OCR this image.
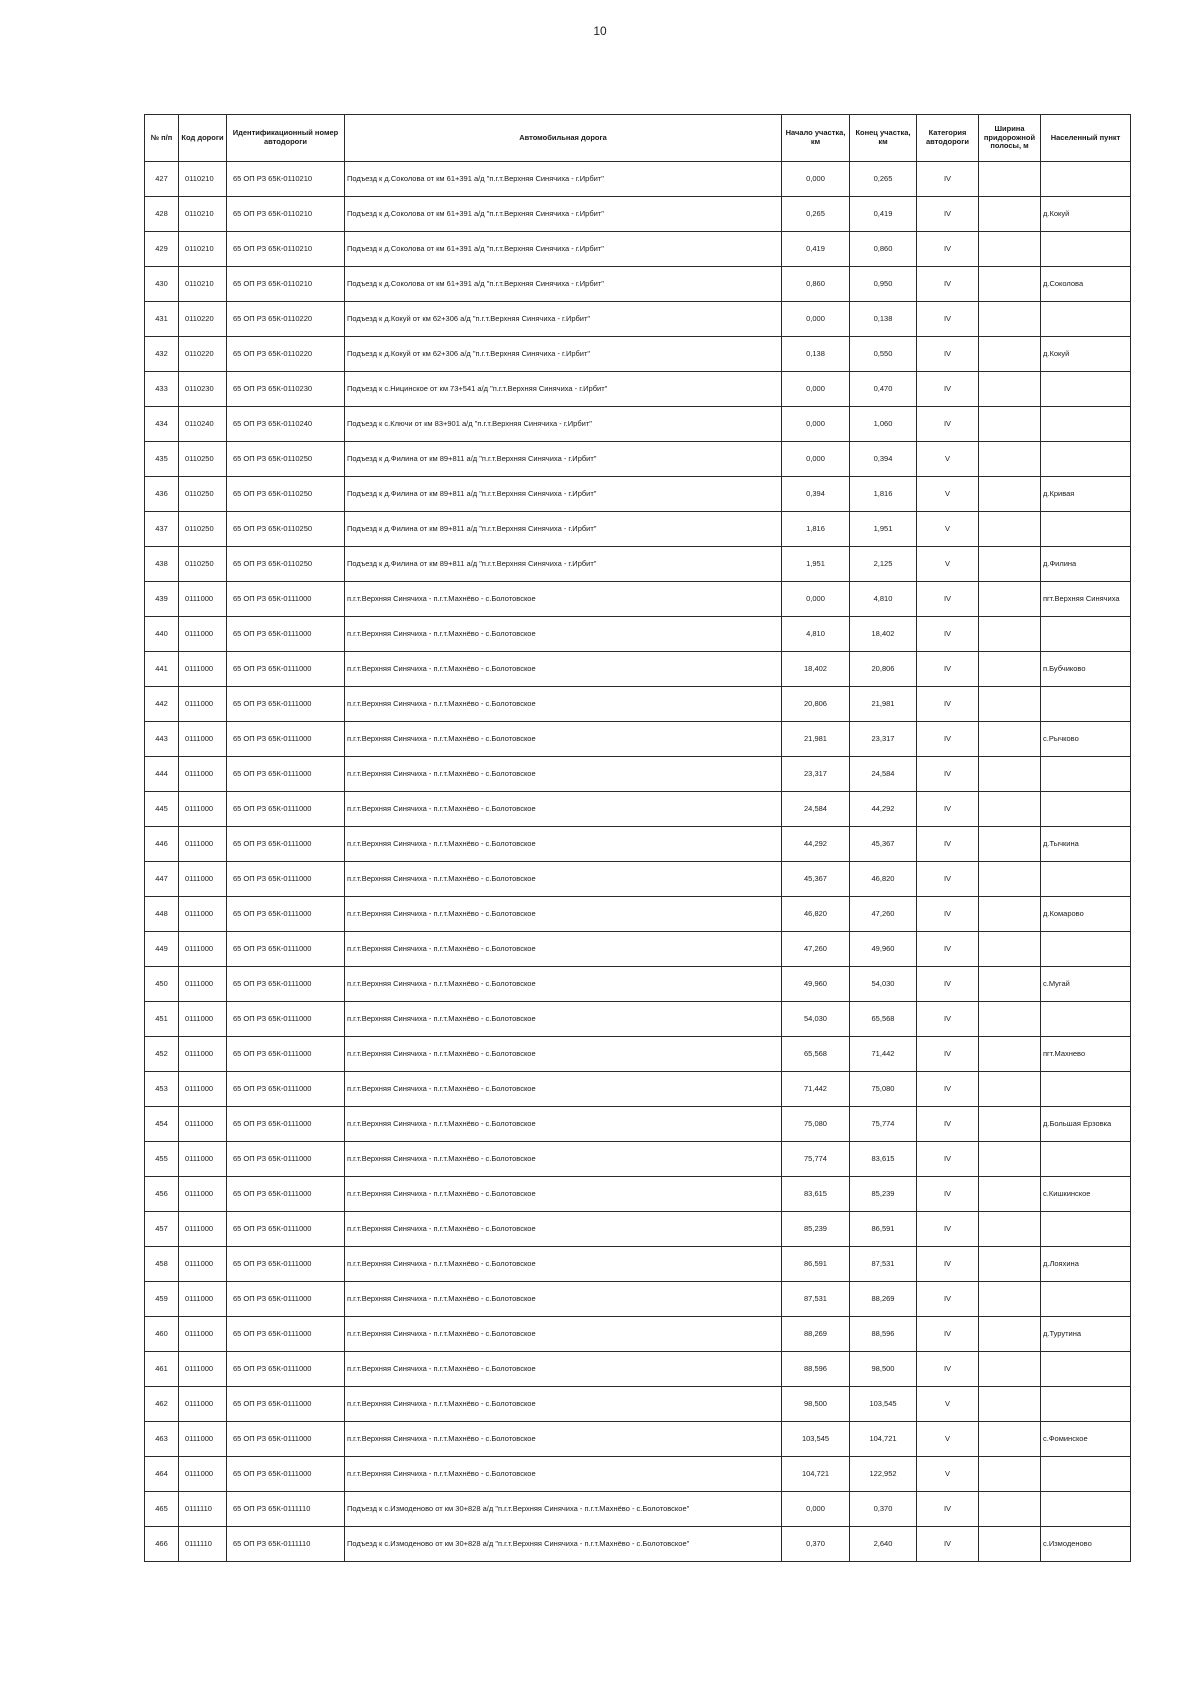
10
№ п/п	Код дороги	Идентификационный номер автодороги	Автомобильная дорога	Начало участка, км	Конец участка, км	Категория автодороги	Ширина придорожной полосы, м	Населенный пункт
427	0110210	65 ОП РЗ 65К-0110210	Подъезд к д.Соколова от км 61+391 а/д "п.г.т.Верхняя Синячиха - г.Ирбит"	0,000	0,265	IV		
428	0110210	65 ОП РЗ 65К-0110210	Подъезд к д.Соколова от км 61+391 а/д "п.г.т.Верхняя Синячиха - г.Ирбит"	0,265	0,419	IV		д.Кокуй
429	0110210	65 ОП РЗ 65К-0110210	Подъезд к д.Соколова от км 61+391 а/д "п.г.т.Верхняя Синячиха - г.Ирбит"	0,419	0,860	IV		
430	0110210	65 ОП РЗ 65К-0110210	Подъезд к д.Соколова от км 61+391 а/д "п.г.т.Верхняя Синячиха - г.Ирбит"	0,860	0,950	IV		д.Соколова
431	0110220	65 ОП РЗ 65К-0110220	Подъезд к д.Кокуй от км 62+306 а/д "п.г.т.Верхняя Синячиха - г.Ирбит"	0,000	0,138	IV		
432	0110220	65 ОП РЗ 65К-0110220	Подъезд к д.Кокуй от км 62+306 а/д "п.г.т.Верхняя Синячиха - г.Ирбит"	0,138	0,550	IV		д.Кокуй
433	0110230	65 ОП РЗ 65К-0110230	Подъезд к с.Ницинское от км 73+541 а/д "п.г.т.Верхняя Синячиха - г.Ирбит"	0,000	0,470	IV		
434	0110240	65 ОП РЗ 65К-0110240	Подъезд к с.Ключи от км 83+901 а/д "п.г.т.Верхняя Синячиха - г.Ирбит"	0,000	1,060	IV		
435	0110250	65 ОП РЗ 65К-0110250	Подъезд к д.Филина от км 89+811 а/д "п.г.т.Верхняя Синячиха - г.Ирбит"	0,000	0,394	V		
436	0110250	65 ОП РЗ 65К-0110250	Подъезд к д.Филина от км 89+811 а/д "п.г.т.Верхняя Синячиха - г.Ирбит"	0,394	1,816	V		д.Кривая
437	0110250	65 ОП РЗ 65К-0110250	Подъезд к д.Филина от км 89+811 а/д "п.г.т.Верхняя Синячиха - г.Ирбит"	1,816	1,951	V		
438	0110250	65 ОП РЗ 65К-0110250	Подъезд к д.Филина от км 89+811 а/д "п.г.т.Верхняя Синячиха - г.Ирбит"	1,951	2,125	V		д.Филина
439	0111000	65 ОП РЗ 65К-0111000	п.г.т.Верхняя Синячиха - п.г.т.Махнёво - с.Болотовское	0,000	4,810	IV		пгт.Верхняя Синячиха
440	0111000	65 ОП РЗ 65К-0111000	п.г.т.Верхняя Синячиха - п.г.т.Махнёво - с.Болотовское	4,810	18,402	IV		
441	0111000	65 ОП РЗ 65К-0111000	п.г.т.Верхняя Синячиха - п.г.т.Махнёво - с.Болотовское	18,402	20,806	IV		п.Бубчиково
442	0111000	65 ОП РЗ 65К-0111000	п.г.т.Верхняя Синячиха - п.г.т.Махнёво - с.Болотовское	20,806	21,981	IV		
443	0111000	65 ОП РЗ 65К-0111000	п.г.т.Верхняя Синячиха - п.г.т.Махнёво - с.Болотовское	21,981	23,317	IV		с.Рычково
444	0111000	65 ОП РЗ 65К-0111000	п.г.т.Верхняя Синячиха - п.г.т.Махнёво - с.Болотовское	23,317	24,584	IV		
445	0111000	65 ОП РЗ 65К-0111000	п.г.т.Верхняя Синячиха - п.г.т.Махнёво - с.Болотовское	24,584	44,292	IV		
446	0111000	65 ОП РЗ 65К-0111000	п.г.т.Верхняя Синячиха - п.г.т.Махнёво - с.Болотовское	44,292	45,367	IV		д.Тычкина
447	0111000	65 ОП РЗ 65К-0111000	п.г.т.Верхняя Синячиха - п.г.т.Махнёво - с.Болотовское	45,367	46,820	IV		
448	0111000	65 ОП РЗ 65К-0111000	п.г.т.Верхняя Синячиха - п.г.т.Махнёво - с.Болотовское	46,820	47,260	IV		д.Комарово
449	0111000	65 ОП РЗ 65К-0111000	п.г.т.Верхняя Синячиха - п.г.т.Махнёво - с.Болотовское	47,260	49,960	IV		
450	0111000	65 ОП РЗ 65К-0111000	п.г.т.Верхняя Синячиха - п.г.т.Махнёво - с.Болотовское	49,960	54,030	IV		с.Мугай
451	0111000	65 ОП РЗ 65К-0111000	п.г.т.Верхняя Синячиха - п.г.т.Махнёво - с.Болотовское	54,030	65,568	IV		
452	0111000	65 ОП РЗ 65К-0111000	п.г.т.Верхняя Синячиха - п.г.т.Махнёво - с.Болотовское	65,568	71,442	IV		пгт.Махнево
453	0111000	65 ОП РЗ 65К-0111000	п.г.т.Верхняя Синячиха - п.г.т.Махнёво - с.Болотовское	71,442	75,080	IV		
454	0111000	65 ОП РЗ 65К-0111000	п.г.т.Верхняя Синячиха - п.г.т.Махнёво - с.Болотовское	75,080	75,774	IV		д.Большая Ерзовка
455	0111000	65 ОП РЗ 65К-0111000	п.г.т.Верхняя Синячиха - п.г.т.Махнёво - с.Болотовское	75,774	83,615	IV		
456	0111000	65 ОП РЗ 65К-0111000	п.г.т.Верхняя Синячиха - п.г.т.Махнёво - с.Болотовское	83,615	85,239	IV		с.Кишкинское
457	0111000	65 ОП РЗ 65К-0111000	п.г.т.Верхняя Синячиха - п.г.т.Махнёво - с.Болотовское	85,239	86,591	IV		
458	0111000	65 ОП РЗ 65К-0111000	п.г.т.Верхняя Синячиха - п.г.т.Махнёво - с.Болотовское	86,591	87,531	IV		д.Лояхина
459	0111000	65 ОП РЗ 65К-0111000	п.г.т.Верхняя Синячиха - п.г.т.Махнёво - с.Болотовское	87,531	88,269	IV		
460	0111000	65 ОП РЗ 65К-0111000	п.г.т.Верхняя Синячиха - п.г.т.Махнёво - с.Болотовское	88,269	88,596	IV		д.Турутина
461	0111000	65 ОП РЗ 65К-0111000	п.г.т.Верхняя Синячиха - п.г.т.Махнёво - с.Болотовское	88,596	98,500	IV		
462	0111000	65 ОП РЗ 65К-0111000	п.г.т.Верхняя Синячиха - п.г.т.Махнёво - с.Болотовское	98,500	103,545	V		
463	0111000	65 ОП РЗ 65К-0111000	п.г.т.Верхняя Синячиха - п.г.т.Махнёво - с.Болотовское	103,545	104,721	V		с.Фоминское
464	0111000	65 ОП РЗ 65К-0111000	п.г.т.Верхняя Синячиха - п.г.т.Махнёво - с.Болотовское	104,721	122,952	V		
465	0111110	65 ОП РЗ 65К-0111110	Подъезд к с.Измоденово от км 30+828 а/д "п.г.т.Верхняя Синячиха - п.г.т.Махнёво - с.Болотовское"	0,000	0,370	IV		
466	0111110	65 ОП РЗ 65К-0111110	Подъезд к с.Измоденово от км 30+828 а/д "п.г.т.Верхняя Синячиха - п.г.т.Махнёво - с.Болотовское"	0,370	2,640	IV		с.Измоденово
